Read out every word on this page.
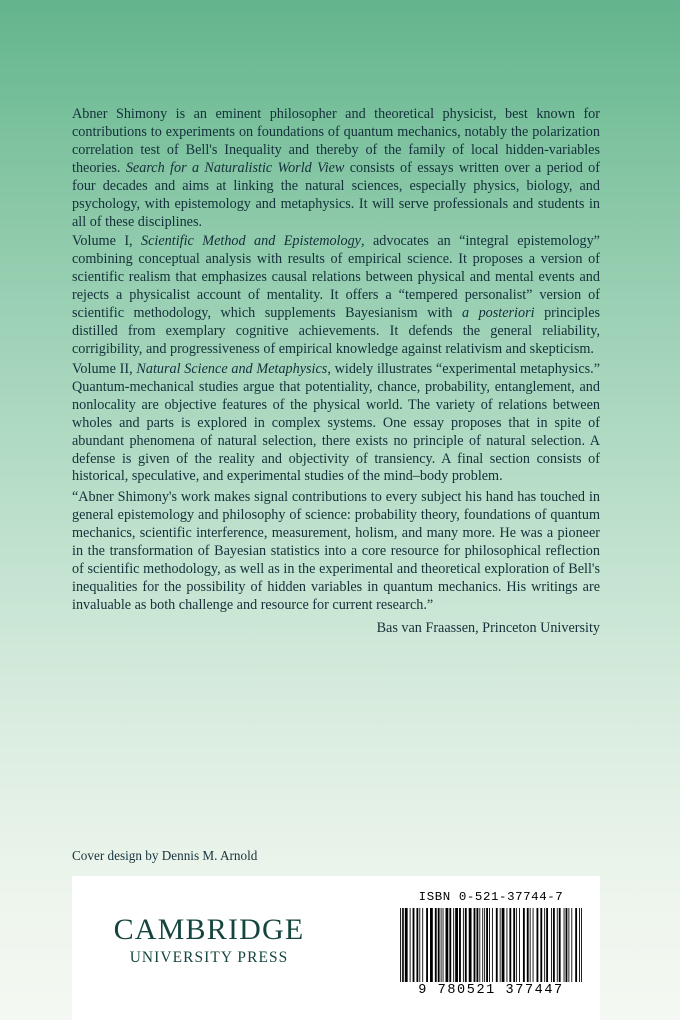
Abner Shimony is an eminent philosopher and theoretical physicist, best known for contributions to experiments on foundations of quantum mechanics, notably the polarization correlation test of Bell's Inequality and thereby of the family of local hidden-variables theories. Search for a Naturalistic World View consists of essays written over a period of four decades and aims at linking the natural sciences, especially physics, biology, and psychology, with epistemology and metaphysics. It will serve professionals and students in all of these disciplines.

Volume I, Scientific Method and Epistemology, advocates an “integral epistemology” combining conceptual analysis with results of empirical science. It proposes a version of scientific realism that emphasizes causal relations between physical and mental events and rejects a physicalist account of mentality. It offers a “tempered personalist” version of scientific methodology, which supplements Bayesianism with a posteriori principles distilled from exemplary cognitive achievements. It defends the general reliability, corrigibility, and progressiveness of empirical knowledge against relativism and skepticism.

Volume II, Natural Science and Metaphysics, widely illustrates “experimental metaphysics.” Quantum-mechanical studies argue that potentiality, chance, probability, entanglement, and nonlocality are objective features of the physical world. The variety of relations between wholes and parts is explored in complex systems. One essay proposes that in spite of abundant phenomena of natural selection, there exists no principle of natural selection. A defense is given of the reality and objectivity of transiency. A final section consists of historical, speculative, and experimental studies of the mind–body problem.

“Abner Shimony's work makes signal contributions to every subject his hand has touched in general epistemology and philosophy of science: probability theory, foundations of quantum mechanics, scientific interference, measurement, holism, and many more. He was a pioneer in the transformation of Bayesian statistics into a core resource for philosophical reflection of scientific methodology, as well as in the experimental and theoretical exploration of Bell's inequalities for the possibility of hidden variables in quantum mechanics. His writings are invaluable as both challenge and resource for current research.”

Bas van Fraassen, Princeton University
Cover design by Dennis M. Arnold
CAMBRIDGE
UNIVERSITY PRESS
ISBN 0-521-37744-7
9 780521 377447
